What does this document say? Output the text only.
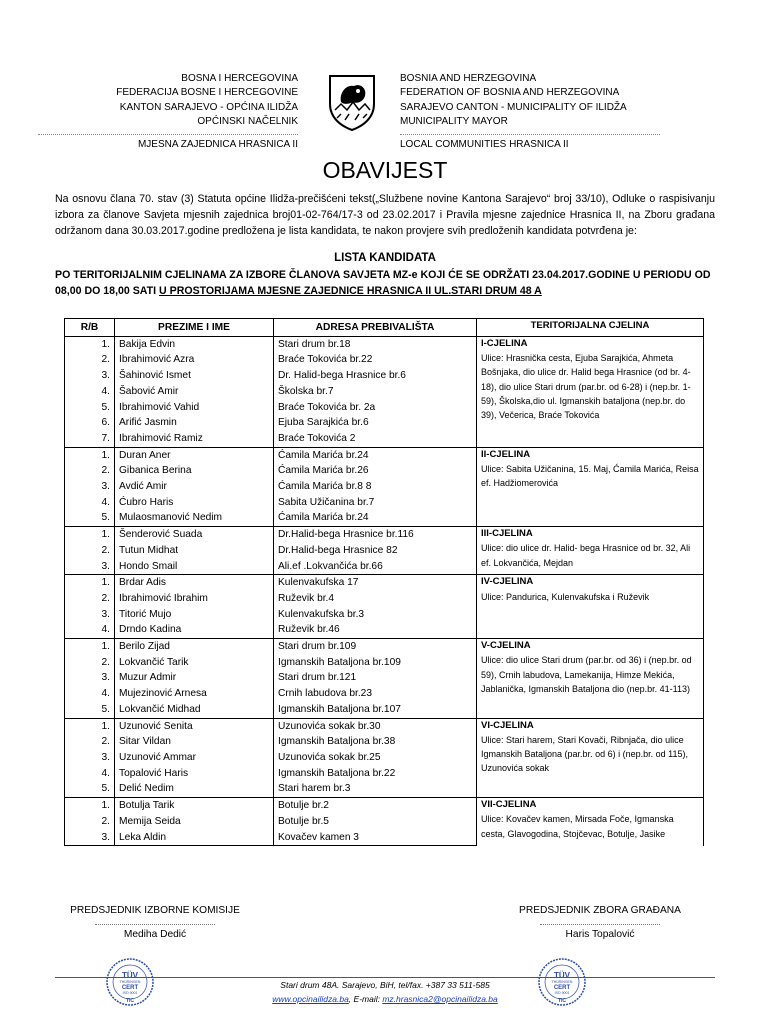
BOSNA I HERCEGOVINA
FEDERACIJA BOSNE I HERCEGOVINE
KANTON SARAJEVO - OPĆINA ILIDŽA
OPĆINSKI NAČELNIK
MJESNA ZAJEDNICA HRASNICA II
BOSNIA AND HERZEGOVINA
FEDERATION OF BOSNIA AND HERZEGOVINA
SARAJEVO CANTON - MUNICIPALITY OF ILIDŽA
MUNICIPALITY MAYOR
LOCAL COMMUNITIES HRASNICA II
OBAVIJEST
Na osnovu člana 70. stav (3) Statuta općine Ilidža-prečišćeni tekst(„Službene novine Kantona Sarajevo“ broj 33/10), Odluke o raspisivanju izbora za članove Savjeta mjesnih zajednica broj01-02-764/17-3 od 23.02.2017 i Pravila mjesne zajednice Hrasnica II, na Zboru građana održanom dana 30.03.2017.godine predložena je lista kandidata, te nakon provjere svih predloženih kandidata potvrđena je:
LISTA KANDIDATA
PO TERITORIJALNIM CJELINAMA ZA IZBORE ČLANOVA SAVJETA MZ-e KOJI ĆE SE ODRŽATI 23.04.2017.GODINE U PERIODU OD 08,00 DO 18,00 SATI U PROSTORIJAMA MJESNE ZAJEDNICE HRASNICA II UL.STARI DRUM 48 A
R/B	PREZIME I IME	ADRESA PREBIVALIŠTA	TERITORIJALNA CJELINA
1.	Bakija Edvin	Stari drum br.18	I-CJELINA
Ulice: Hrasnička cesta, Ejuba Sarajkića, Ahmeta Bošnjaka, dio ulice dr. Halid bega Hrasnice (od br. 4-18), dio ulice Stari drum (par.br. od 6-28) i (nep.br. 1-59), Školska,dio ul. Igmanskih bataljona (nep.br. do 39), Večerica, Braće Tokovića

2.	Ibrahimović Azra	Braće Tokovića br.22	
3.	Šahinović Ismet	Dr. Halid-bega Hrasnice br.6	
4.	Šabović Amir	Školska br.7	
5.	Ibrahimović Vahid	Braće Tokovića br. 2a	
6.	Arifić Jasmin	Ejuba Sarajkića br.6	
7.	Ibrahimović Ramiz	Braće Tokovića 2	
1.	Duran Aner	Ćamila Marića br.24	II-CJELINA
Ulice: Sabita Užičanina, 15. Maj, Ćamila Marića, Reisa ef. Hadžiomerovića

2.	Gibanica Berina	Ćamila Marića br.26	
3.	Avdić Amir	Ćamila Marića br.8 8	
4.	Ćubro Haris	Sabita Užičanina br.7	
5.	Mulaosmanović Nedim	Ćamila Marića br.24	
1.	Šenderović Suada	Dr.Halid-bega Hrasnice br.116	III-CJELINA
Ulice: dio ulice dr. Halid- bega Hrasnice od br. 32, Ali ef. Lokvančića, Mejdan

2.	Tutun Midhat	Dr.Halid-bega Hrasnice 82	
3.	Hondo Smail	Ali.ef .Lokvančića br.66	
1.	Brdar Adis	Kulenvakufska 17	IV-CJELINA
Ulice: Pandurica, Kulenvakufska i Ruževik

2.	Ibrahimović Ibrahim	Ruževik br.4	
3.	Titorić Mujo	Kulenvakufska br.3	
4.	Drndo Kadina	Ruževik br.46	
1.	Berilo Zijad	Stari drum br.109	V-CJELINA
Ulice: dio ulice Stari drum (par.br. od 36) i (nep.br. od 59), Crnih labudova, Lamekanija, Himze Mekića, Jablanička, Igmanskih Bataljona dio (nep.br. 41-113)

2.	Lokvančić Tarik	Igmanskih Bataljona br.109	
3.	Muzur Admir	Stari drum br.121	
4.	Mujezinović Arnesa	Crnih labudova br.23	
5.	Lokvančić Midhad	Igmanskih Bataljona br.107	
1.	Uzunović Senita	Uzunovića sokak br.30	VI-CJELINA
Ulice: Stari harem, Stari Kovači, Ribnjača, dio ulice Igmanskih Bataljona (par.br. od 6) i (nep.br. od 115), Uzunovića sokak

2.	Sitar Vildan	Igmanskih Bataljona br.38	
3.	Uzunović Ammar	Uzunovića sokak br.25	
4.	Topalović Haris	Igmanskih Bataljona br.22	
5.	Delić Nedim	Stari harem br.3	
1.	Botulja Tarik	Botulje br.2	VII-CJELINA
Ulice: Kovačev kamen, Mirsada Foče, Igmanska cesta, Glavogodina, Stojčevac, Botulje, Jasike

2.	Memija Seida	Botulje br.5	
3.	Leka Aldin	Kovačev kamen 3	
PREDSJEDNIK IZBORNE KOMISIJE
Mediha Dedić
PREDSJEDNIK ZBORA GRAĐANA
Haris Topalović
TÜV
THÜRINGEN
CERT
ISO 9001
TIC
TÜV
THÜRINGEN
CERT
ISO 9001
TIC
Stari drum 48A. Sarajevo, BiH, tel/fax. +387 33 511-585
www.opcinailidza.ba, E-mail: mz.hrasnica2@opcinailidza.ba
